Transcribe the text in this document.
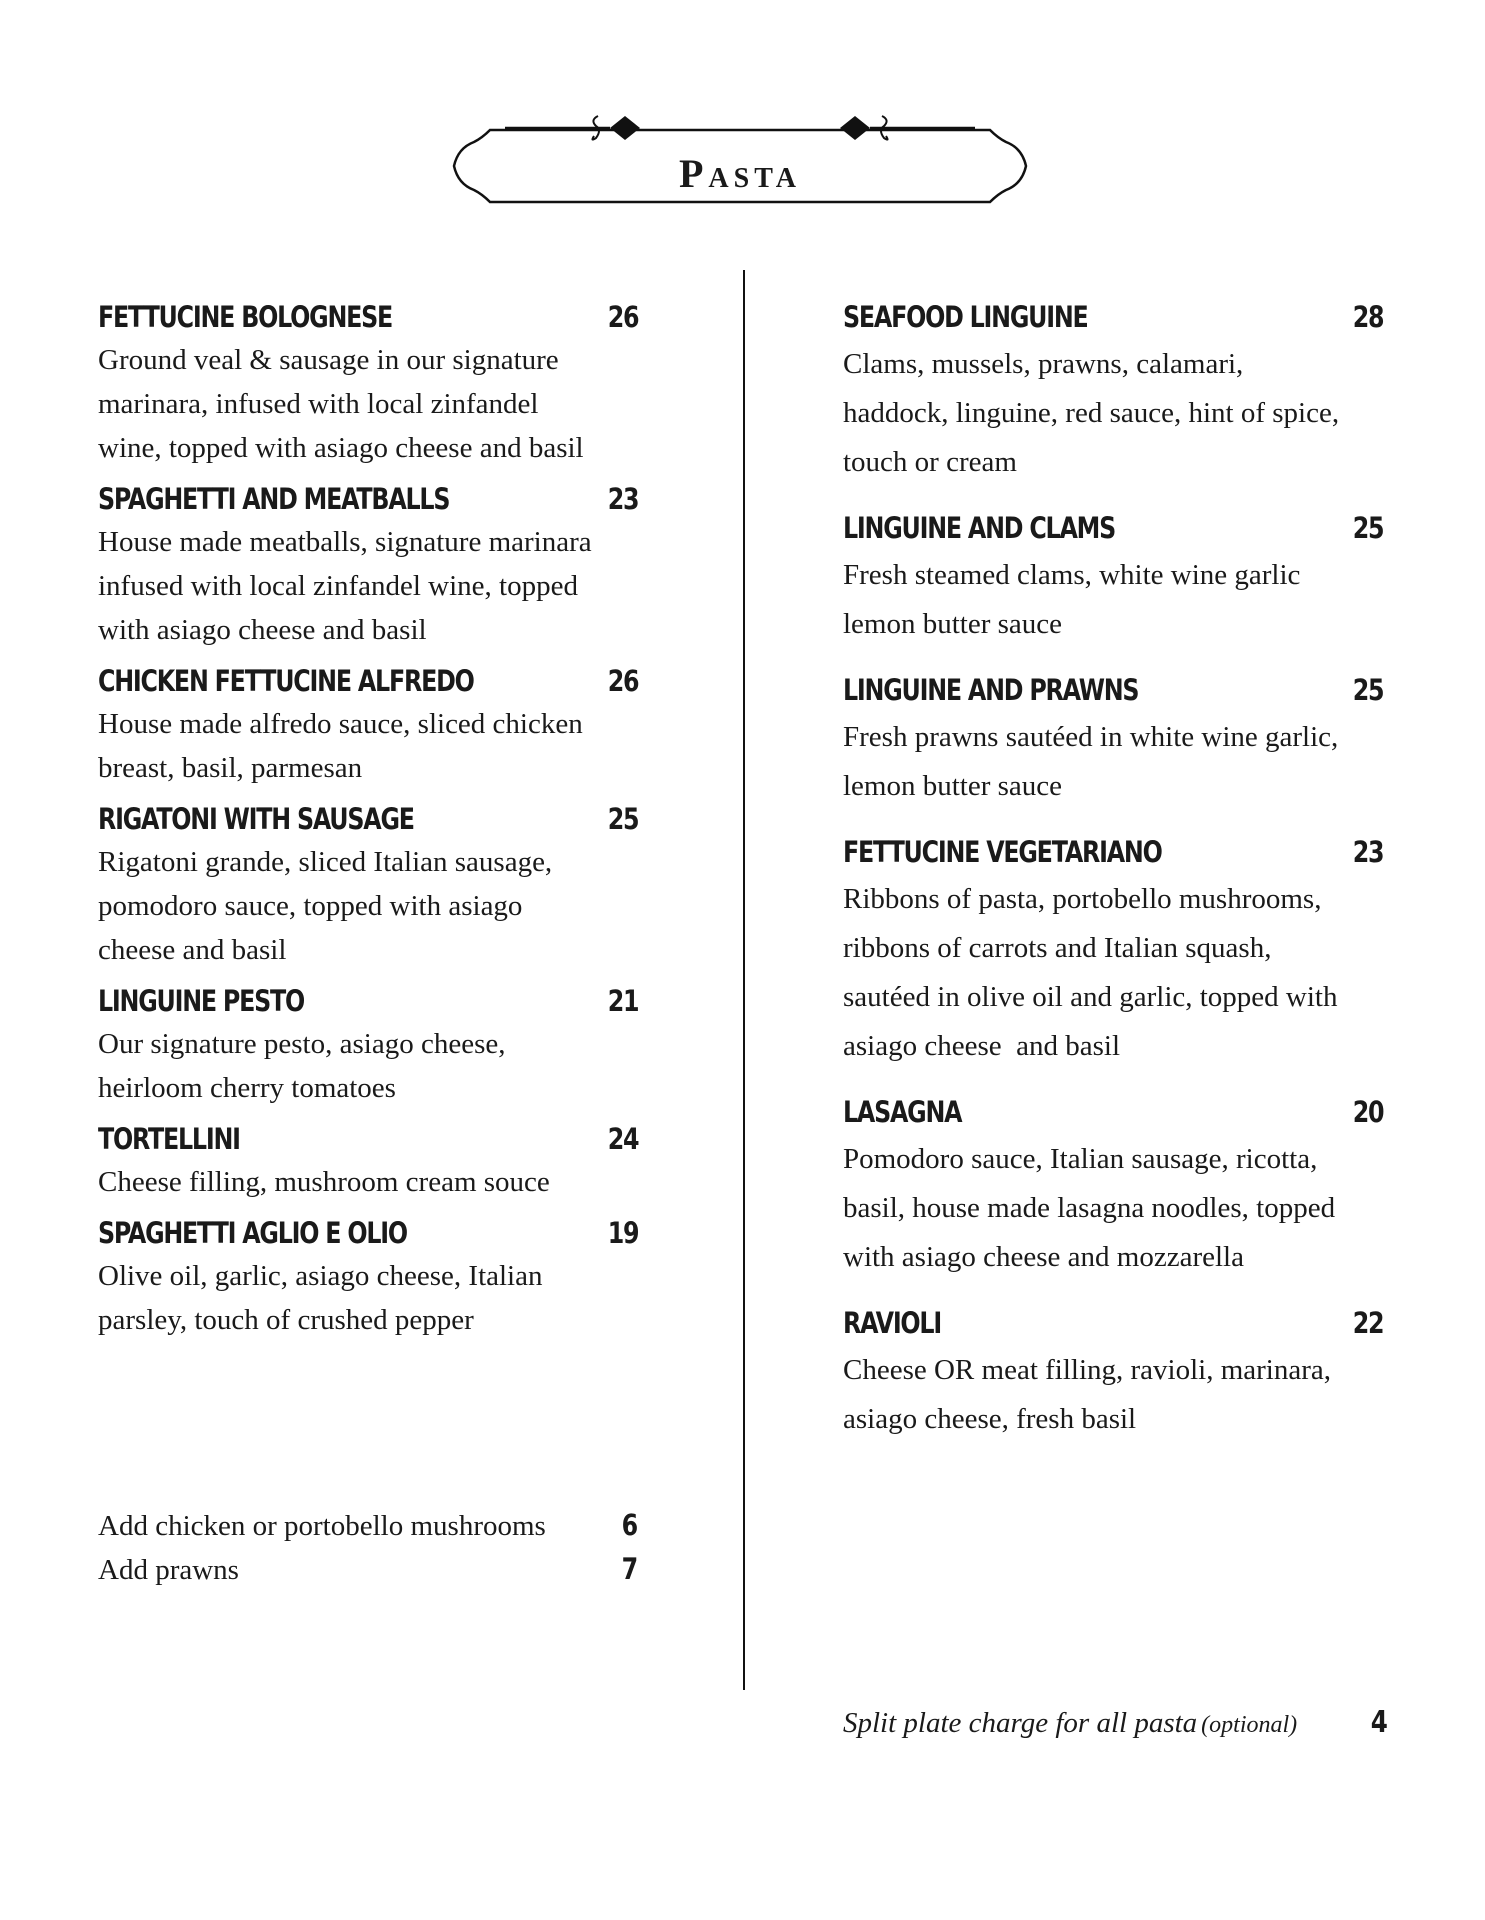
Pasta
FETTUCINE BOLOGNESE	26
Ground veal & sausage in our signature
marinara, infused with local zinfandel
wine, topped with asiago cheese and basil
SPAGHETTI AND MEATBALLS	23
House made meatballs, signature marinara
infused with local zinfandel wine, topped
with asiago cheese and basil
CHICKEN FETTUCINE ALFREDO	26
House made alfredo sauce, sliced chicken
breast, basil, parmesan
RIGATONI WITH SAUSAGE	25
Rigatoni grande, sliced Italian sausage,
pomodoro sauce, topped with asiago
cheese and basil
LINGUINE PESTO	21
Our signature pesto, asiago cheese,
heirloom cherry tomatoes
TORTELLINI	24
Cheese filling, mushroom cream souce
SPAGHETTI AGLIO E OLIO	19
Olive oil, garlic, asiago cheese, Italian
parsley, touch of crushed pepper
Add chicken or portobello mushrooms	6
Add prawns	7
SEAFOOD LINGUINE	28
Clams, mussels, prawns, calamari,
haddock, linguine, red sauce, hint of spice,
touch or cream
LINGUINE AND CLAMS	25
Fresh steamed clams, white wine garlic
lemon butter sauce
LINGUINE AND PRAWNS	25
Fresh prawns sautéed in white wine garlic,
lemon butter sauce
FETTUCINE VEGETARIANO	23
Ribbons of pasta, portobello mushrooms,
ribbons of carrots and Italian squash,
sautéed in olive oil and garlic, topped with
asiago cheese  and basil
LASAGNA	20
Pomodoro sauce, Italian sausage, ricotta,
basil, house made lasagna noodles, topped
with asiago cheese and mozzarella
RAVIOLI	22
Cheese OR meat filling, ravioli, marinara,
asiago cheese, fresh basil
Split plate charge for all pasta (optional) 4
